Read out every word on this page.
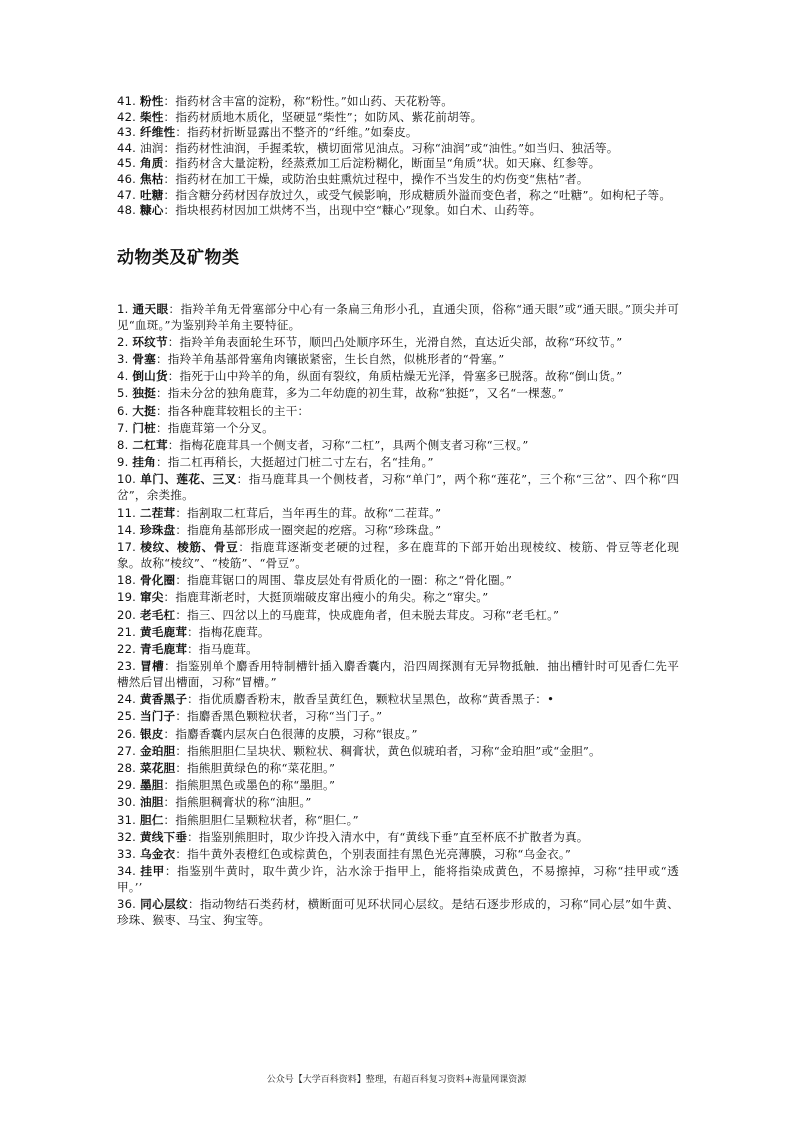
41. 粉性：指药材含丰富的淀粉，称“粉性。”如山药、天花粉等。

42. 柴性：指药材质地木质化，坚硬显“柴性”；如防风、紫花前胡等。

43. 纤维性：指药材折断显露出不整齐的“纤维。”如秦皮。

44. 油润：指药材性油润，手握柔软，横切面常见油点。习称“油润”或“油性。”如当归、独活等。

45. 角质：指药材含大量淀粉，经蒸煮加工后淀粉糊化，断面呈“角质”状。如天麻、红参等。

46. 焦枯：指药材在加工干燥，或防治虫蛀熏炕过程中，操作不当发生的灼伤变“焦枯”者。

47. 吐糖：指含糖分药材因存放过久，或受气候影响，形成糖质外溢而变色者，称之“吐糖”。如枸杞子等。

48. 糠心：指块根药材因加工烘烤不当，出现中空“糠心”现象。如白术、山药等。

动物类及矿物类

1. 通天眼：指羚羊角无骨塞部分中心有一条扁三角形小孔，直通尖顶，俗称“通天眼”或“通天眼。”顶尖并可见“血斑。”为鉴别羚羊角主要特征。

2. 环纹节：指羚羊角表面轮生环节，顺凹凸处顺序环生，光滑自然，直达近尖部，故称“环纹节。”

3. 骨塞：指羚羊角基部骨塞角肉镶嵌紧密，生长自然，似桃形者的“骨塞。”

4. 倒山货：指死于山中羚羊的角，纵面有裂纹，角质枯燥无光泽，骨塞多已脱落。故称“倒山货。”

5. 独挺：指未分岔的独角鹿茸，多为二年幼鹿的初生茸，故称“独挺”，又名“一棵葱。”

6. 大挺：指各种鹿茸较粗长的主干：

7. 门桩：指鹿茸第一个分叉。

8. 二杠茸：指梅花鹿茸具一个侧支者，习称“二杠”，具两个侧支者习称“三杈。”

9. 挂角：指二杠再稍长，大挺超过门桩二寸左右，名“挂角。”

10. 单门、莲花、三叉：指马鹿茸具一个侧枝者，习称“单门”，两个称“莲花”，三个称“三岔”、四个称“四岔”，余类推。

11. 二茬茸：指割取二杠茸后，当年再生的茸。故称“二茬茸。”

14. 珍珠盘：指鹿角基部形成一圈突起的疙瘩。习称“珍珠盘。”

17. 棱纹、棱筋、骨豆：指鹿茸逐渐变老硬的过程，多在鹿茸的下部开始出现棱纹、棱筋、骨豆等老化现象。故称“棱纹”、“棱筋”、“骨豆”。

18. 骨化圈：指鹿茸锯口的周围、靠皮层处有骨质化的一圈：称之“骨化圈。”

19. 窜尖：指鹿茸渐老时，大挺顶端破皮窜出瘦小的角尖。称之“窜尖。”

20. 老毛杠：指三、四岔以上的马鹿茸，快成鹿角者，但未脱去茸皮。习称“老毛杠。”

21. 黄毛鹿茸：指梅花鹿茸。

22. 青毛鹿茸：指马鹿茸。

23. 冒槽：指鉴别单个麝香用特制槽针插入麝香囊内，沿四周探测有无异物抵触．抽出槽针时可见香仁先平槽然后冒出槽面，习称“冒槽。”

24. 黄香黑子：指优质麝香粉末，散香呈黄红色，颗粒状呈黑色，故称“黄香黑子：•

25. 当门子：指麝香黑色颗粒状者，习称“当门子。”

26. 银皮：指麝香囊内层灰白色很薄的皮膜，习称“银皮。”

27. 金珀胆：指熊胆胆仁呈块状、颗粒状、稠膏状，黄色似琥珀者，习称“金珀胆”或“金胆”。

28. 菜花胆：指熊胆黄绿色的称“菜花胆。”

29. 墨胆：指熊胆黑色或墨色的称“墨胆。”

30. 油胆：指熊胆稠膏状的称“油胆。”

31. 胆仁：指熊胆胆仁呈颗粒状者，称“胆仁。”

32. 黄线下垂：指鉴别熊胆时，取少许投入清水中，有“黄线下垂”直至杯底不扩散者为真。

33. 乌金衣：指牛黄外表橙红色或棕黄色，个别表面挂有黑色光亮薄膜，习称“乌金衣。”

34. 挂甲：指鉴别牛黄时，取牛黄少许，沾水涂于指甲上，能将指染成黄色，不易擦掉，习称“挂甲或“透甲。’’

36. 同心层纹：指动物结石类药材，横断面可见环状同心层纹。是结石逐步形成的，习称“同心层”如牛黄、珍珠、猴枣、马宝、狗宝等。

公众号【大学百科资料】整理，有超百科复习资料+海量网课资源
